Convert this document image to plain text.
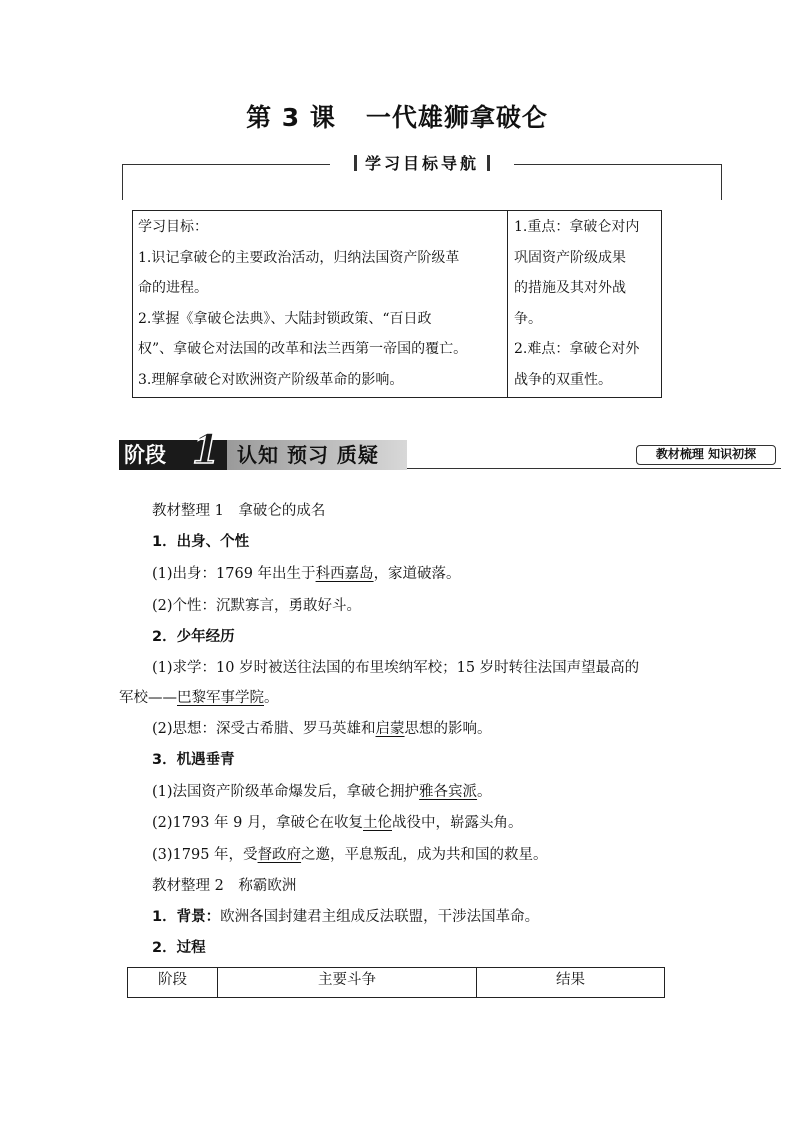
第 3 课 一代雄狮拿破仑
学习目标导航
学习目标：
1.识记拿破仑的主要政治活动，归纳法国资产阶级革
命的进程。
2.掌握《拿破仑法典》、大陆封锁政策、“百日政
权”、拿破仑对法国的改革和法兰西第一帝国的覆亡。
3.理解拿破仑对欧洲资产阶级革命的影响。
1.重点：拿破仑对内
巩固资产阶级成果
的措施及其对外战
争。
2.难点：拿破仑对外
战争的双重性。
阶段 1 认知 预习 质疑	教材梳理 知识初探
教材整理 1　拿破仑的成名
1．出身、个性
(1)出身：1769 年出生于科西嘉岛，家道破落。
(2)个性：沉默寡言，勇敢好斗。
2．少年经历
(1)求学：10 岁时被送往法国的布里埃纳军校；15 岁时转往法国声望最高的
军校——巴黎军事学院。
(2)思想：深受古希腊、罗马英雄和启蒙思想的影响。
3．机遇垂青
(1)法国资产阶级革命爆发后，拿破仑拥护雅各宾派。
(2)1793 年 9 月，拿破仑在收复土伦战役中，崭露头角。
(3)1795 年，受督政府之邀，平息叛乱，成为共和国的救星。
教材整理 2　称霸欧洲
1．背景：欧洲各国封建君主组成反法联盟，干涉法国革命。
2．过程
阶段	主要斗争	结果
